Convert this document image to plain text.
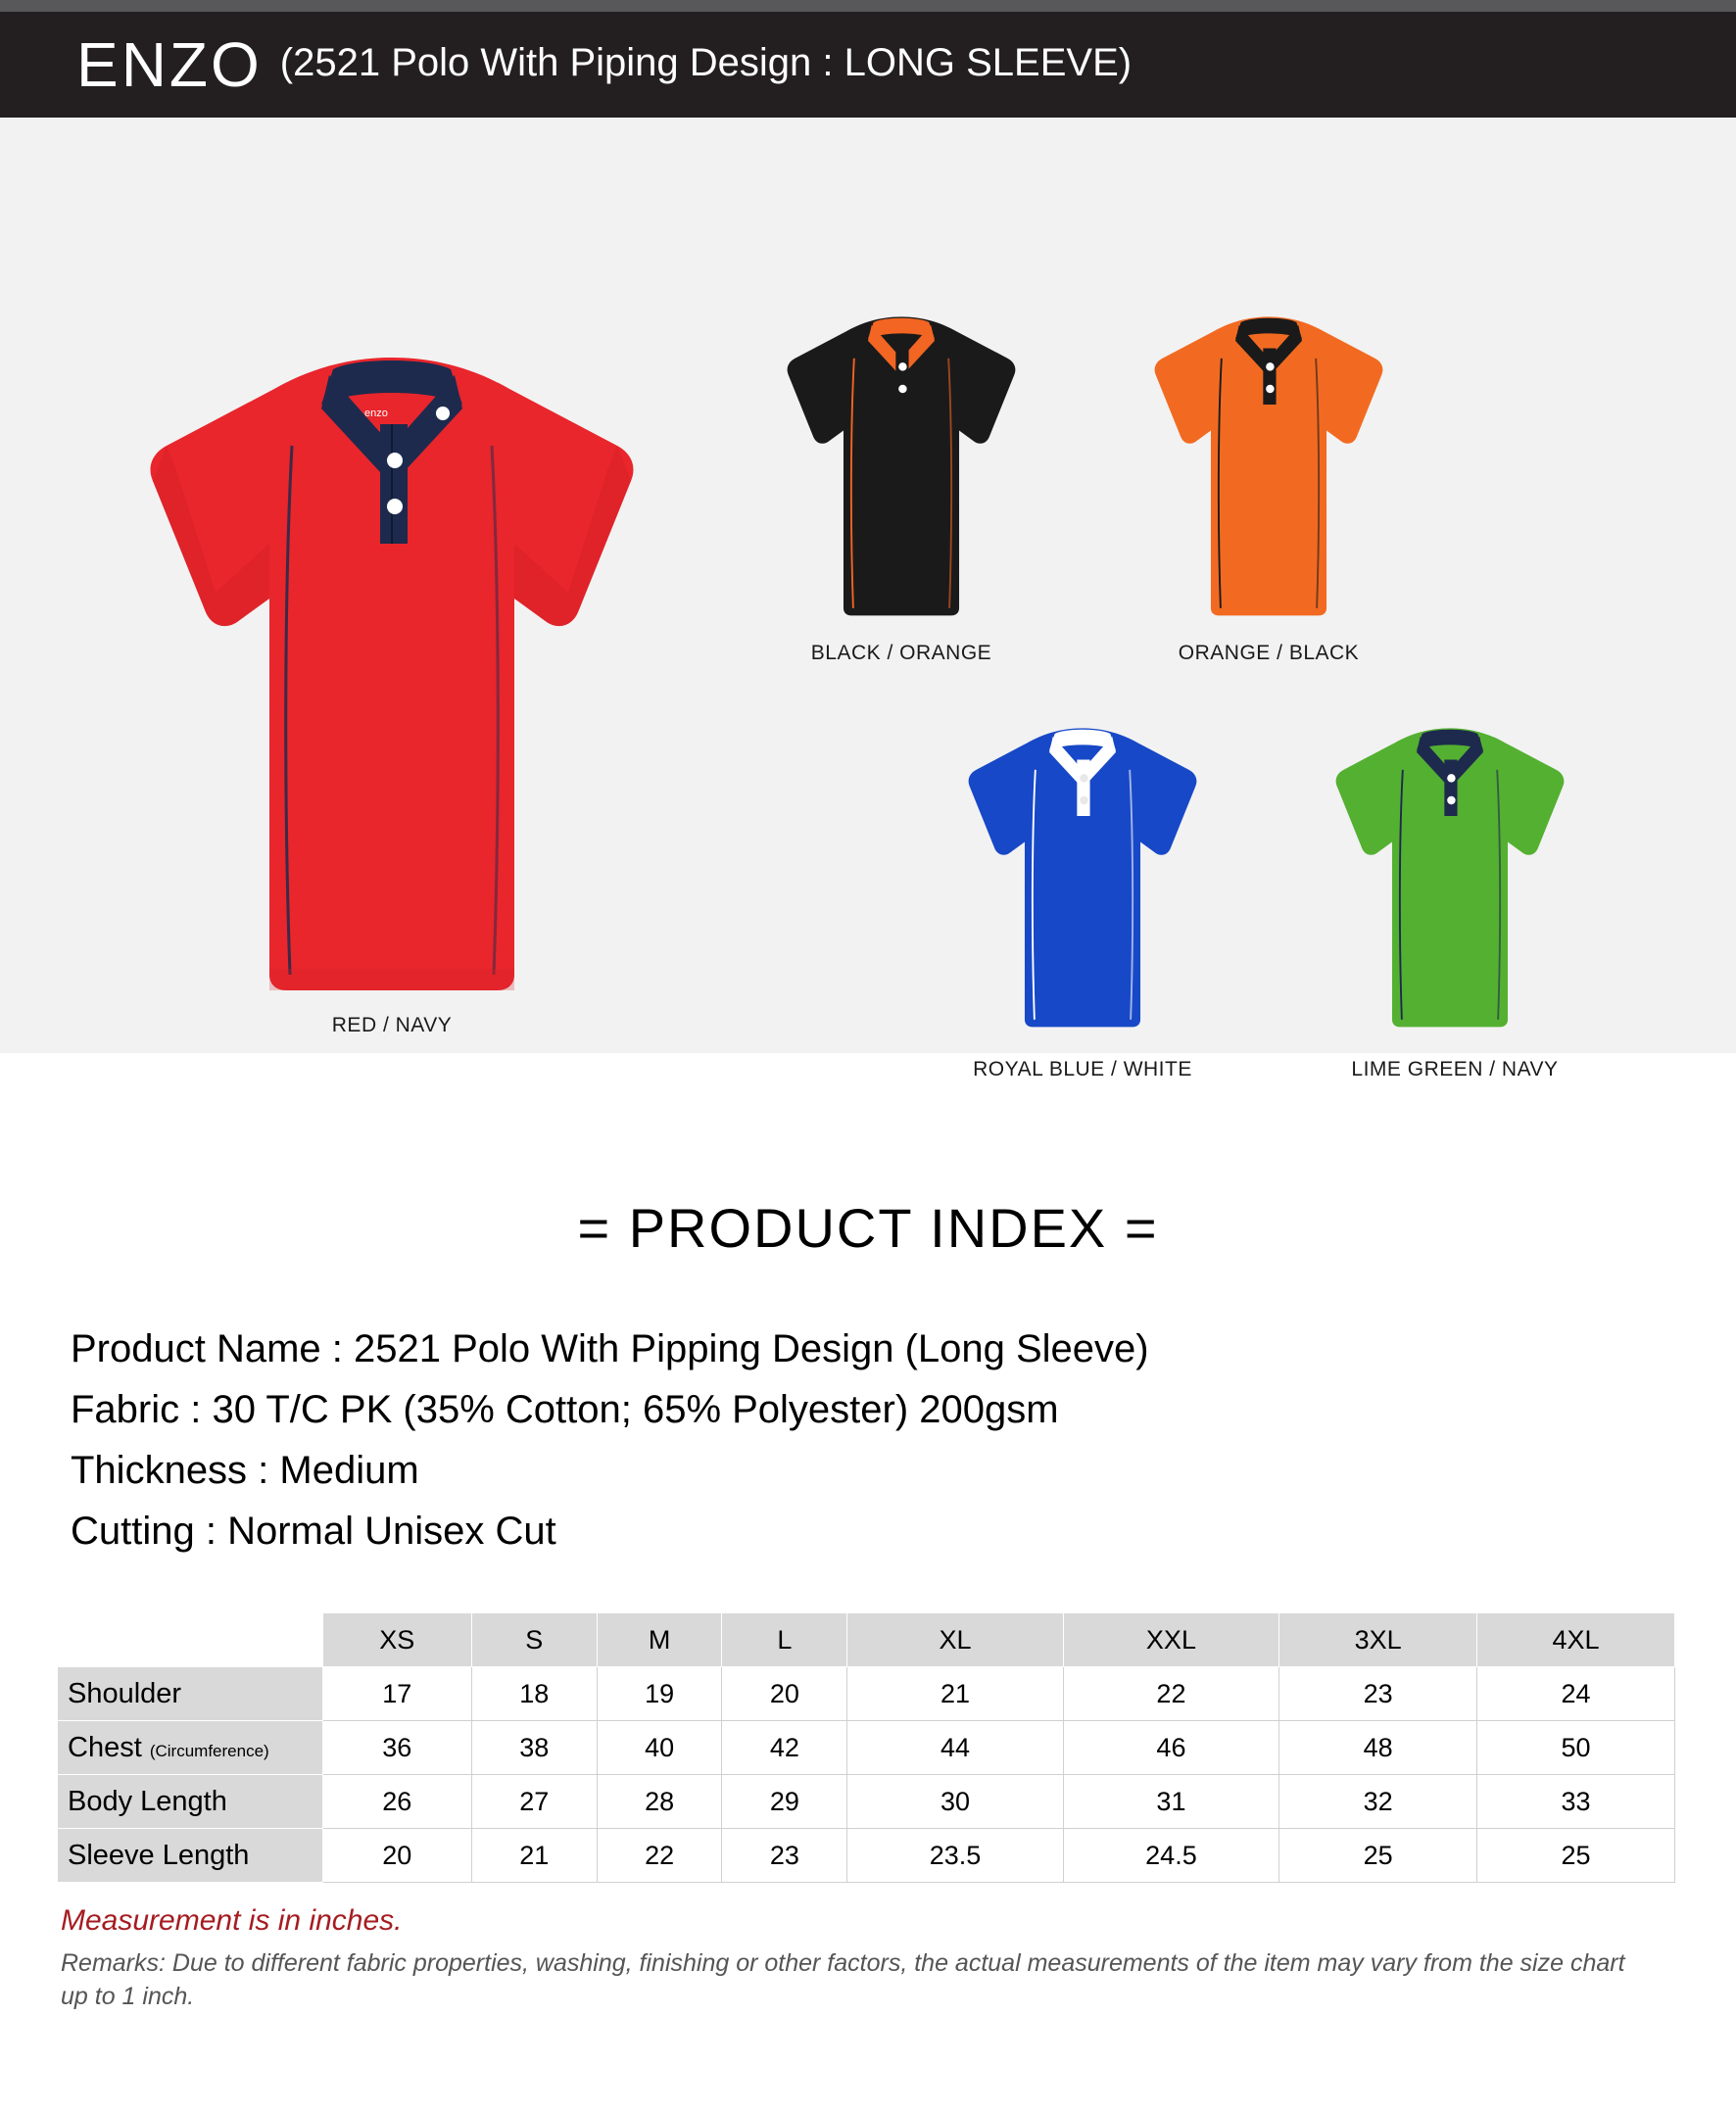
ENZO (2521 Polo With Piping Design : LONG SLEEVE)
enzo
RED / NAVY
BLACK / ORANGE	ORANGE / BLACK
ROYAL BLUE / WHITE	LIME GREEN / NAVY
= PRODUCT INDEX =
Product Name : 2521 Polo With Pipping Design (Long Sleeve)
Fabric : 30 T/C PK (35% Cotton; 65% Polyester) 200gsm
Thickness : Medium
Cutting : Normal Unisex Cut
	XS	S	M	L	XL	XXL	3XL	4XL
Shoulder	17	18	19	20	21	22	23	24
Chest (Circumference)	36	38	40	42	44	46	48	50
Body Length	26	27	28	29	30	31	32	33
Sleeve Length	20	21	22	23	23.5	24.5	25	25
Measurement is in inches.
Remarks: Due to different fabric properties, washing, finishing or other factors, the actual measurements of the item may vary from the size chart up to 1 inch.
